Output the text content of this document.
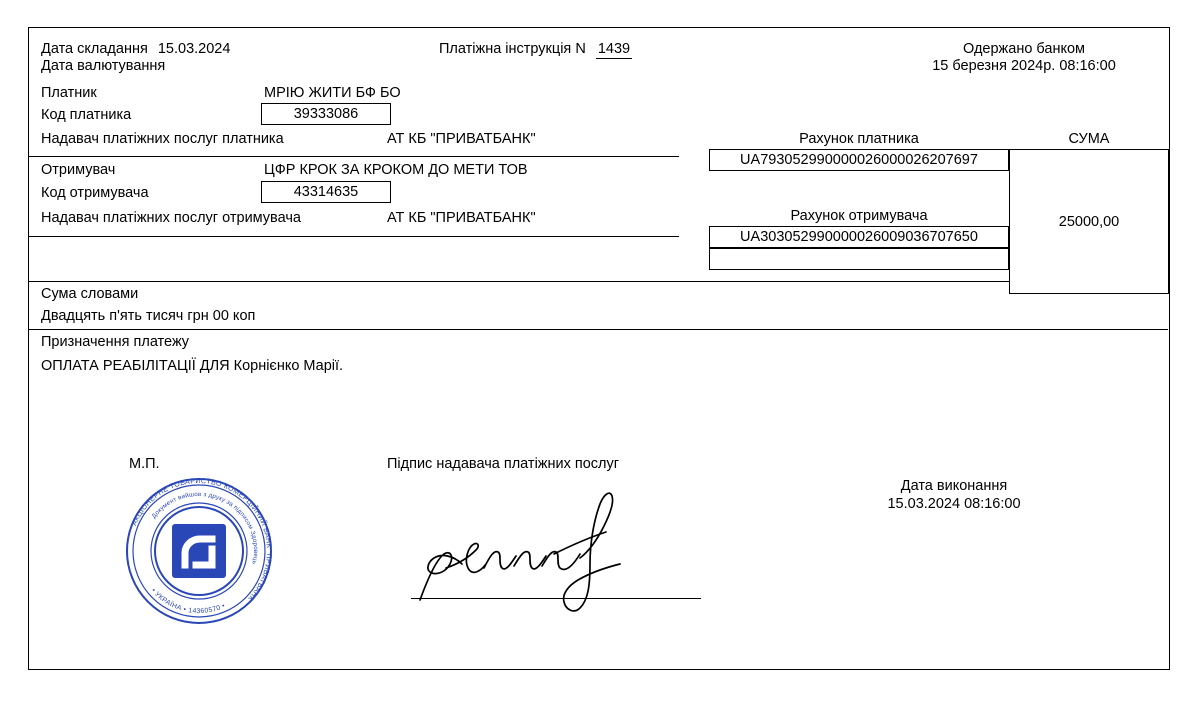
Дата складання 15.03.2024
Дата валютування
Платіжна інструкція N 1439	Одержано банком
15 березня 2024р. 08:16:00
Платник	МРІЮ ЖИТИ БФ БО
Код платника	39333086
Надавач платіжних послуг платника	АТ КБ "ПРИВАТБАНК"
Отримувач	ЦФР КРОК ЗА КРОКОМ ДО МЕТИ ТОВ
Код отримувача	43314635
Надавач платіжних послуг отримувача	АТ КБ "ПРИВАТБАНК"
Рахунок платника
UA793052990000026000026207697
Рахунок отримувача
UA303052990000026009036707650
СУМА
25000,00
Сума словами
Двадцять п'ять тисяч грн 00 коп
Призначення платежу
ОПЛАТА РЕАБІЛІТАЦІЇ ДЛЯ Корнієнко Марії.
М.П.	Підпис надавача платіжних послуг
Дата виконання
15.03.2024 08:16:00
АКЦІОНЕРНЕ ТОВАРИСТВО КОМЕРЦІЙНИЙ БАНК "ПРИВАТБАНК"
Документ вийшов з друку за підписом Здоровець
• УКРАЇНА • 14360570 •
